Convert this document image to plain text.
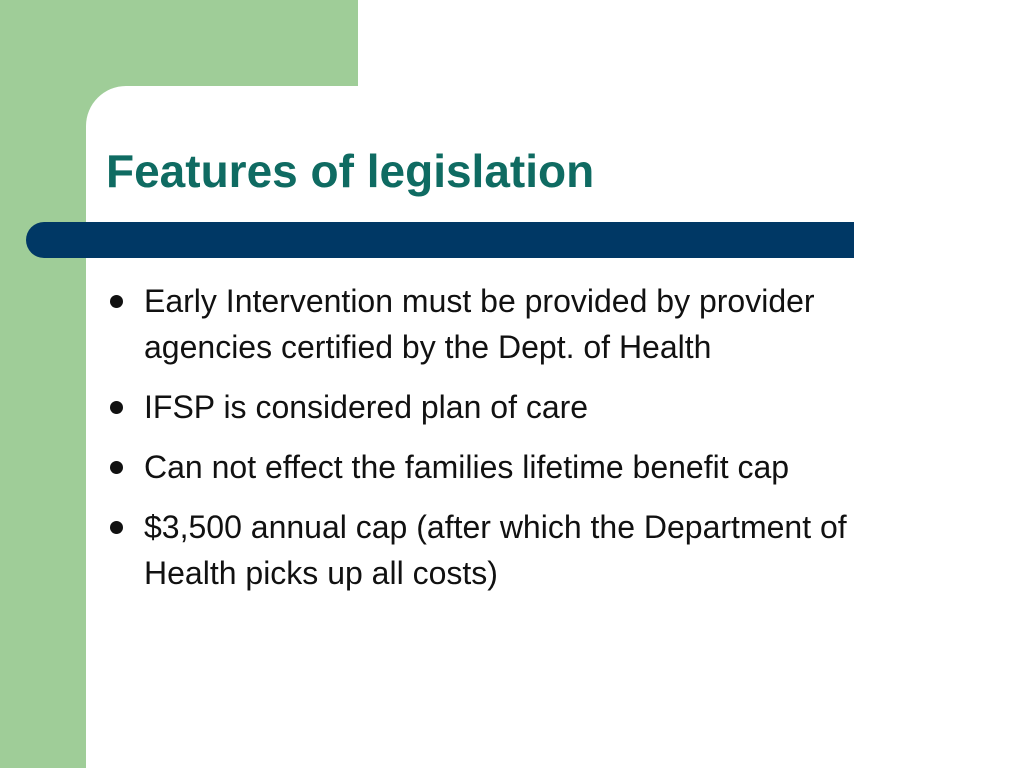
Features of legislation
Early Intervention must be provided by provider agencies certified by the Dept. of Health
IFSP is considered plan of care
Can not effect the families lifetime benefit cap
$3,500 annual cap (after which the Department of Health picks up all costs)
